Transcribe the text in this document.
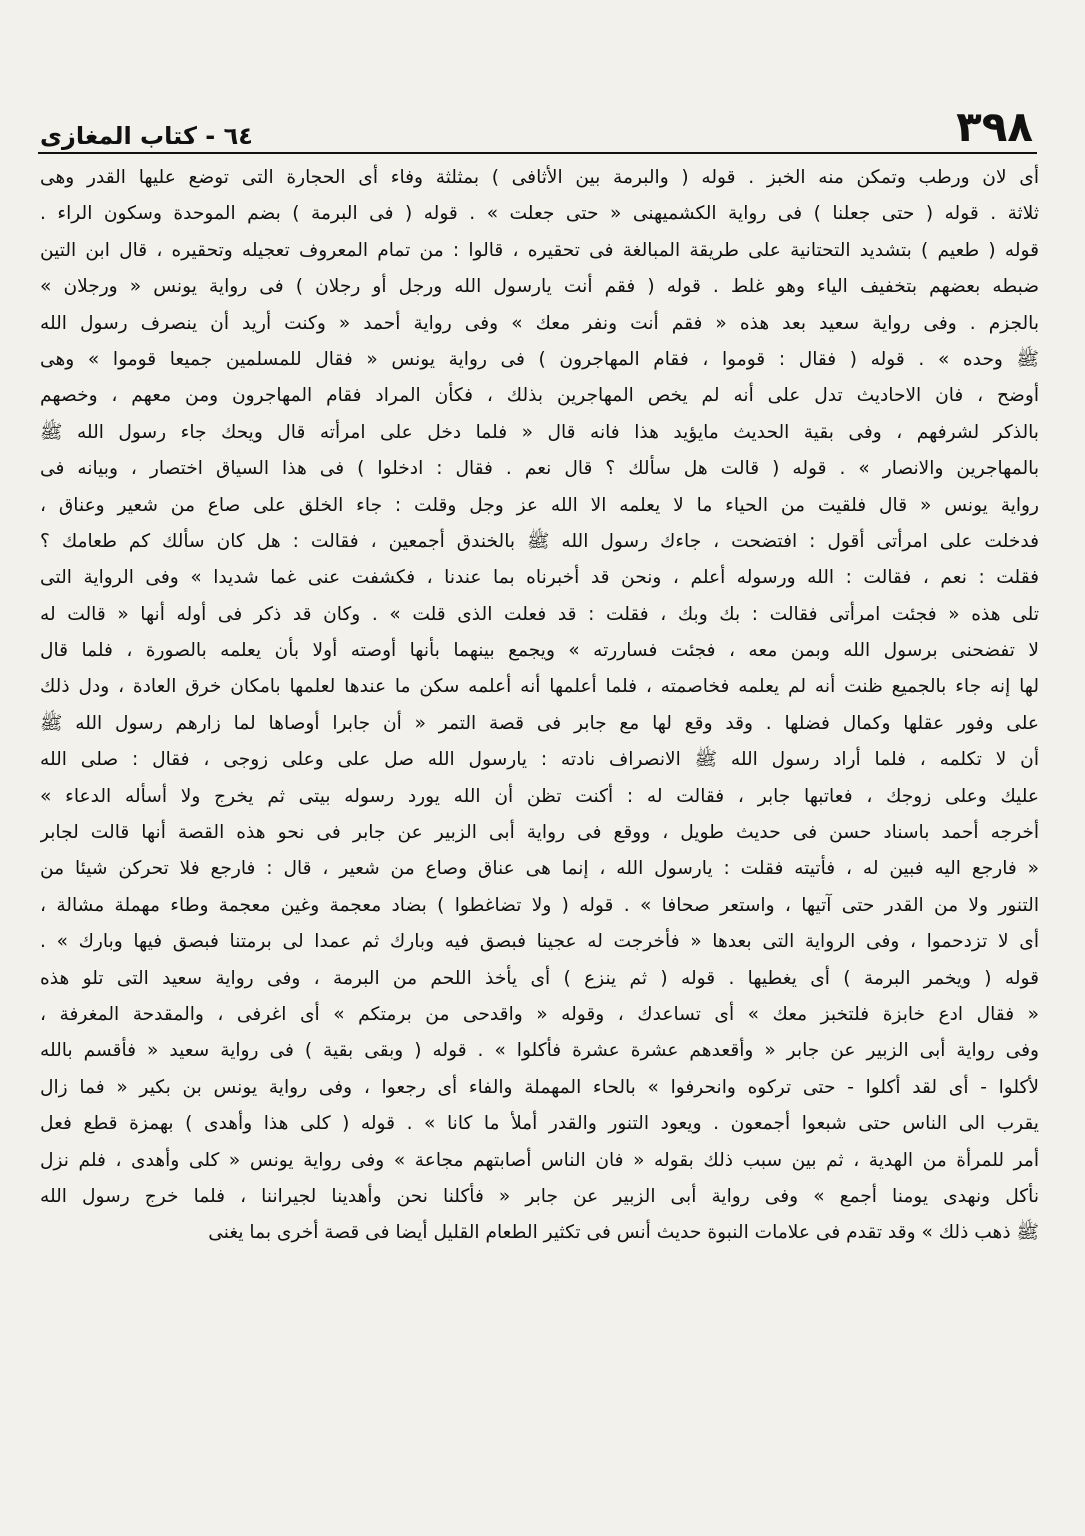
٣٩٨
٦٤ - كتاب المغازى
أى لان ورطب وتمكن منه الخبز . قوله ( والبرمة بين الأثافى ) بمثلثة وفاء أى الحجارة التى توضع عليها القدر وهى
ثلاثة . قوله ( حتى جعلنا ) فى رواية الكشميهنى « حتى جعلت » . قوله ( فى البرمة ) بضم الموحدة وسكون الراء .
قوله ( طعيم ) بتشديد التحتانية على طريقة المبالغة فى تحقيره ، قالوا : من تمام المعروف تعجيله وتحقيره ، قال ابن التين
ضبطه بعضهم بتخفيف الياء وهو غلط . قوله ( فقم أنت يارسول الله ورجل أو رجلان ) فى رواية يونس « ورجلان »
بالجزم . وفى رواية سعيد بعد هذه « فقم أنت ونفر معك » وفى رواية أحمد « وكنت أريد أن ينصرف رسول الله
ﷺ وحده » . قوله ( فقال : قوموا ، فقام المهاجرون ) فى رواية يونس « فقال للمسلمين جميعا قوموا » وهى
أوضح ، فان الاحاديث تدل على أنه لم يخص المهاجرين بذلك ، فكأن المراد فقام المهاجرون ومن معهم ، وخصهم
بالذكر لشرفهم ، وفى بقية الحديث مايؤيد هذا فانه قال « فلما دخل على امرأته قال ويحك جاء رسول الله ﷺ
بالمهاجرين والانصار » . قوله ( قالت هل سألك ؟ قال نعم . فقال : ادخلوا ) فى هذا السياق اختصار ، وبيانه فى
رواية يونس « قال فلقيت من الحياء ما لا يعلمه الا الله عز وجل وقلت : جاء الخلق على صاع من شعير وعناق ،
فدخلت على امرأتى أقول : افتضحت ، جاءك رسول الله ﷺ بالخندق أجمعين ، فقالت : هل كان سألك كم طعامك ؟
فقلت : نعم ، فقالت : الله ورسوله أعلم ، ونحن قد أخبرناه بما عندنا ، فكشفت عنى غما شديدا » وفى الرواية التى
تلى هذه « فجئت امرأتى فقالت : بك وبك ، فقلت : قد فعلت الذى قلت » . وكان قد ذكر فى أوله أنها « قالت له
لا تفضحنى برسول الله وبمن معه ، فجئت فساررته » ويجمع بينهما بأنها أوصته أولا بأن يعلمه بالصورة ، فلما قال
لها إنه جاء بالجميع ظنت أنه لم يعلمه فخاصمته ، فلما أعلمها أنه أعلمه سكن ما عندها لعلمها بامكان خرق العادة ، ودل ذلك
على وفور عقلها وكمال فضلها . وقد وقع لها مع جابر فى قصة التمر « أن جابرا أوصاها لما زارهم رسول الله ﷺ
أن لا تكلمه ، فلما أراد رسول الله ﷺ الانصراف نادته : يارسول الله صل على وعلى زوجى ، فقال : صلى الله
عليك وعلى زوجك ، فعاتبها جابر ، فقالت له : أكنت تظن أن الله يورد رسوله بيتى ثم يخرج ولا أسأله الدعاء »
أخرجه أحمد باسناد حسن فى حديث طويل ، ووقع فى رواية أبى الزبير عن جابر فى نحو هذه القصة أنها قالت لجابر
« فارجع اليه فبين له ، فأتيته فقلت : يارسول الله ، إنما هى عناق وصاع من شعير ، قال : فارجع فلا تحركن شيئا من
التنور ولا من القدر حتى آتيها ، واستعر صحافا » . قوله ( ولا تضاغطوا ) بضاد معجمة وغين معجمة وطاء مهملة مشالة ،
أى لا تزدحموا ، وفى الرواية التى بعدها « فأخرجت له عجينا فبصق فيه وبارك ثم عمدا لى برمتنا فبصق فيها وبارك » .
قوله ( ويخمر البرمة ) أى يغطيها . قوله ( ثم ينزع ) أى يأخذ اللحم من البرمة ، وفى رواية سعيد التى تلو هذه
« فقال ادع خابزة فلتخبز معك » أى تساعدك ، وقوله « واقدحى من برمتكم » أى اغرفى ، والمقدحة المغرفة ،
وفى رواية أبى الزبير عن جابر « وأقعدهم عشرة عشرة فأكلوا » . قوله ( وبقى بقية ) فى رواية سعيد « فأقسم بالله
لأكلوا - أى لقد أكلوا - حتى تركوه وانحرفوا » بالحاء المهملة والفاء أى رجعوا ، وفى رواية يونس بن بكير « فما زال
يقرب الى الناس حتى شبعوا أجمعون . ويعود التنور والقدر أملأ ما كانا » . قوله ( كلى هذا وأهدى ) بهمزة قطع فعل
أمر للمرأة من الهدية ، ثم بين سبب ذلك بقوله « فان الناس أصابتهم مجاعة » وفى رواية يونس « كلى وأهدى ، فلم نزل
نأكل ونهدى يومنا أجمع » وفى رواية أبى الزبير عن جابر « فأكلنا نحن وأهدينا لجيراننا ، فلما خرج رسول الله
ﷺ ذهب ذلك » وقد تقدم فى علامات النبوة حديث أنس فى تكثير الطعام القليل أيضا فى قصة أخرى بما يغنى
